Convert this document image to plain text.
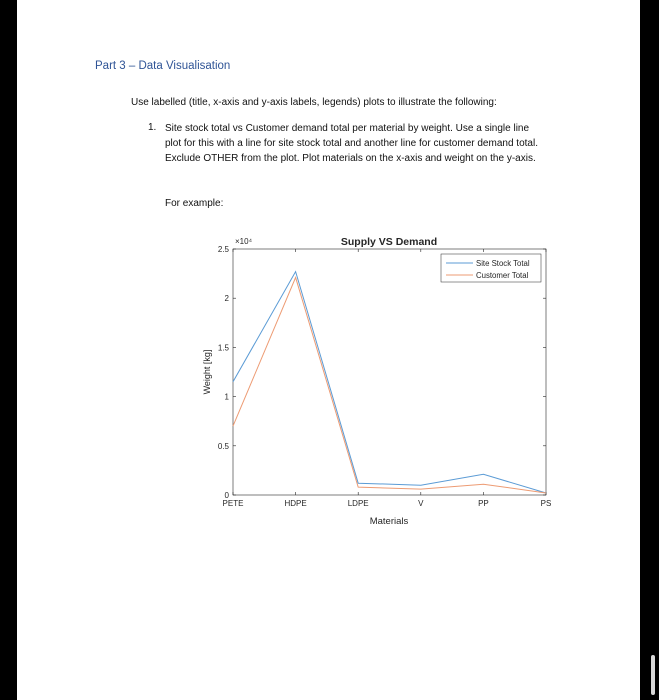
Part 3 – Data Visualisation
Use labelled (title, x-axis and y-axis labels, legends) plots to illustrate the following:
1. Site stock total vs Customer demand total per material by weight. Use a single line plot for this with a line for site stock total and another line for customer demand total. Exclude OTHER from the plot. Plot materials on the x-axis and weight on the y-axis.
For example:
0
0.5
1
1.5
2
2.5
PETE	HDPE	LDPE	V	PP	PS
Supply VS Demand
×10⁴
Materials
Weight [kg]
Site Stock Total
Customer Total
